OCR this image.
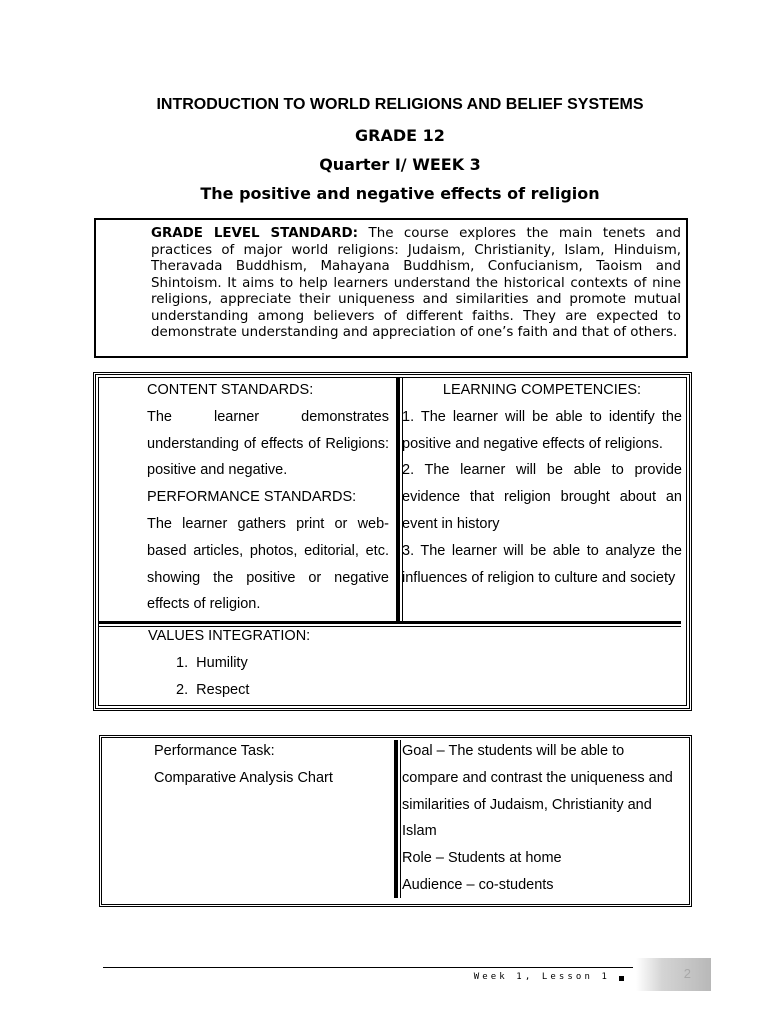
INTRODUCTION TO WORLD RELIGIONS AND BELIEF SYSTEMS
GRADE 12
Quarter I/ WEEK 3
The positive and negative effects of religion
GRADE LEVEL STANDARD: The course explores the main tenets and practices of major world religions: Judaism, Christianity, Islam, Hinduism, Theravada Buddhism, Mahayana Buddhism, Confucianism, Taoism and Shintoism. It aims to help learners understand the historical contexts of nine religions, appreciate their uniqueness and similarities and promote mutual understanding among believers of different faiths. They are expected to demonstrate understanding and appreciation of one’s faith and that of others.

CONTENT STANDARDS:

The learner demonstrates understanding of effects of Religions: positive and negative.

PERFORMANCE STANDARDS:

The learner gathers print or web-based articles, photos, editorial, etc. showing the positive or negative effects of religion.

LEARNING COMPETENCIES:

1. The learner will be able to identify the positive and negative effects of religions.

2. The learner will be able to provide evidence that religion brought about an event in history

3. The learner will be able to analyze the influences of religion to culture and society

VALUES INTEGRATION:

1. Humility

2. Respect

Performance Task:

Comparative Analysis Chart

Goal – The students will be able to compare and contrast the uniqueness and similarities of Judaism, Christianity and Islam

Role – Students at home

Audience – co-students

Week 1, Lesson 1	2
